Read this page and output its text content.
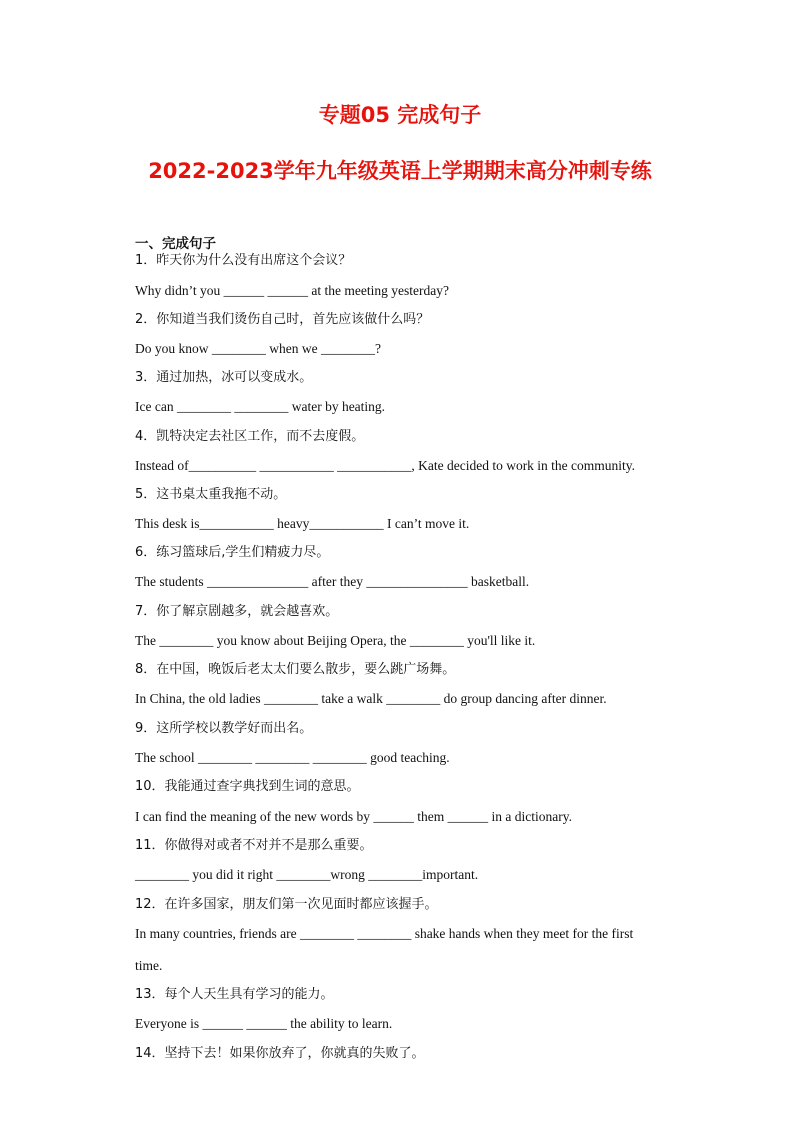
专题05 完成句子
2022-2023学年九年级英语上学期期末高分冲刺专练

一、完成句子

1．昨天你为什么没有出席这个会议？

Why didn’t you ______ ______ at the meeting yesterday?

2．你知道当我们烫伤自己时，首先应该做什么吗？

Do you know ________ when we ________?

3．通过加热，冰可以变成水。

Ice can ________ ________ water by heating.

4．凯特决定去社区工作，而不去度假。

Instead of__________ ___________ ___________, Kate decided to work in the community.

5．这书桌太重我拖不动。

This desk is___________ heavy___________ I can’t move it.

6．练习篮球后,学生们精疲力尽。

The students _______________ after they _______________ basketball.

7．你了解京剧越多，就会越喜欢。

The ________ you know about Beijing Opera, the ________ you'll like it.

8．在中国，晚饭后老太太们要么散步，要么跳广场舞。

In China, the old ladies ________ take a walk ________ do group dancing after dinner.

9．这所学校以教学好而出名。

The school ________ ________ ________ good teaching.

10．我能通过查字典找到生词的意思。

I can find the meaning of the new words by ______ them ______ in a dictionary.

11．你做得对或者不对并不是那么重要。

________ you did it right ________wrong ________important.

12．在许多国家，朋友们第一次见面时都应该握手。

In many countries, friends are ________ ________ shake hands when they meet for the first

time.

13．每个人天生具有学习的能力。

Everyone is ______ ______ the ability to learn.

14．坚持下去！如果你放弃了，你就真的失败了。
